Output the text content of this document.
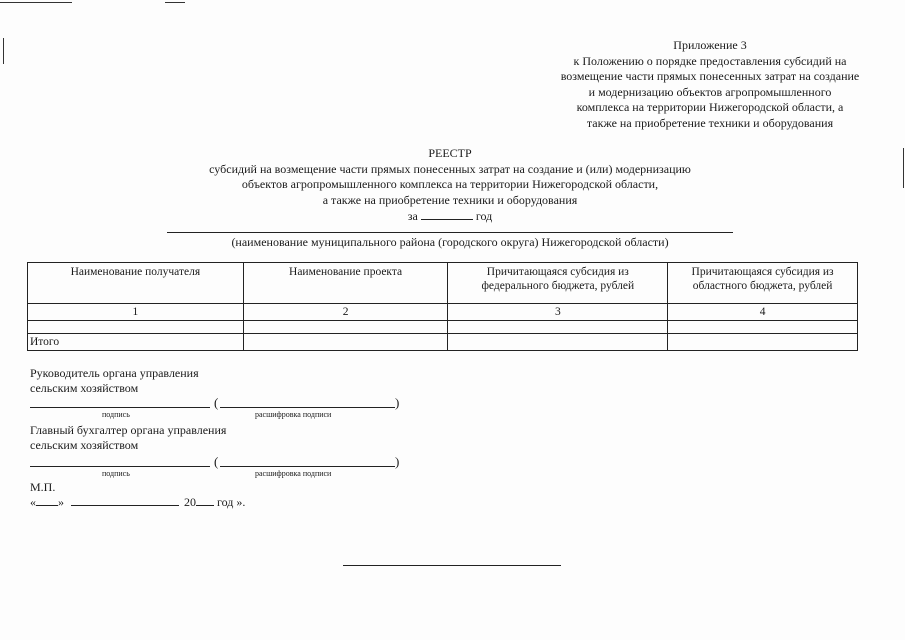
Приложение 3
к Положению о порядке предоставления субсидий на
возмещение части прямых понесенных затрат на создание
и модернизацию объектов агропромышленного
комплекса на территории Нижегородской области, а
также на приобретение техники и оборудования
РЕЕСТР
субсидий на возмещение части прямых понесенных затрат на создание и (или) модернизацию
объектов агропромышленного комплекса на территории Нижегородской области,
а также на приобретение техники и оборудования
за	год
(наименование муниципального района (городского округа) Нижегородской области)
Наименование получателя	Наименование проекта	Причитающаяся субсидия из федерального бюджета, рублей	Причитающаяся субсидия из областного бюджета, рублей
1	2	3	4

Итого			
Руководитель органа управления
сельским хозяйством
(	)
подпись	расшифровка подписи
Главный бухгалтер органа управления
сельским хозяйством
(	)
подпись	расшифровка подписи
М.П.
« »	20 год ».
